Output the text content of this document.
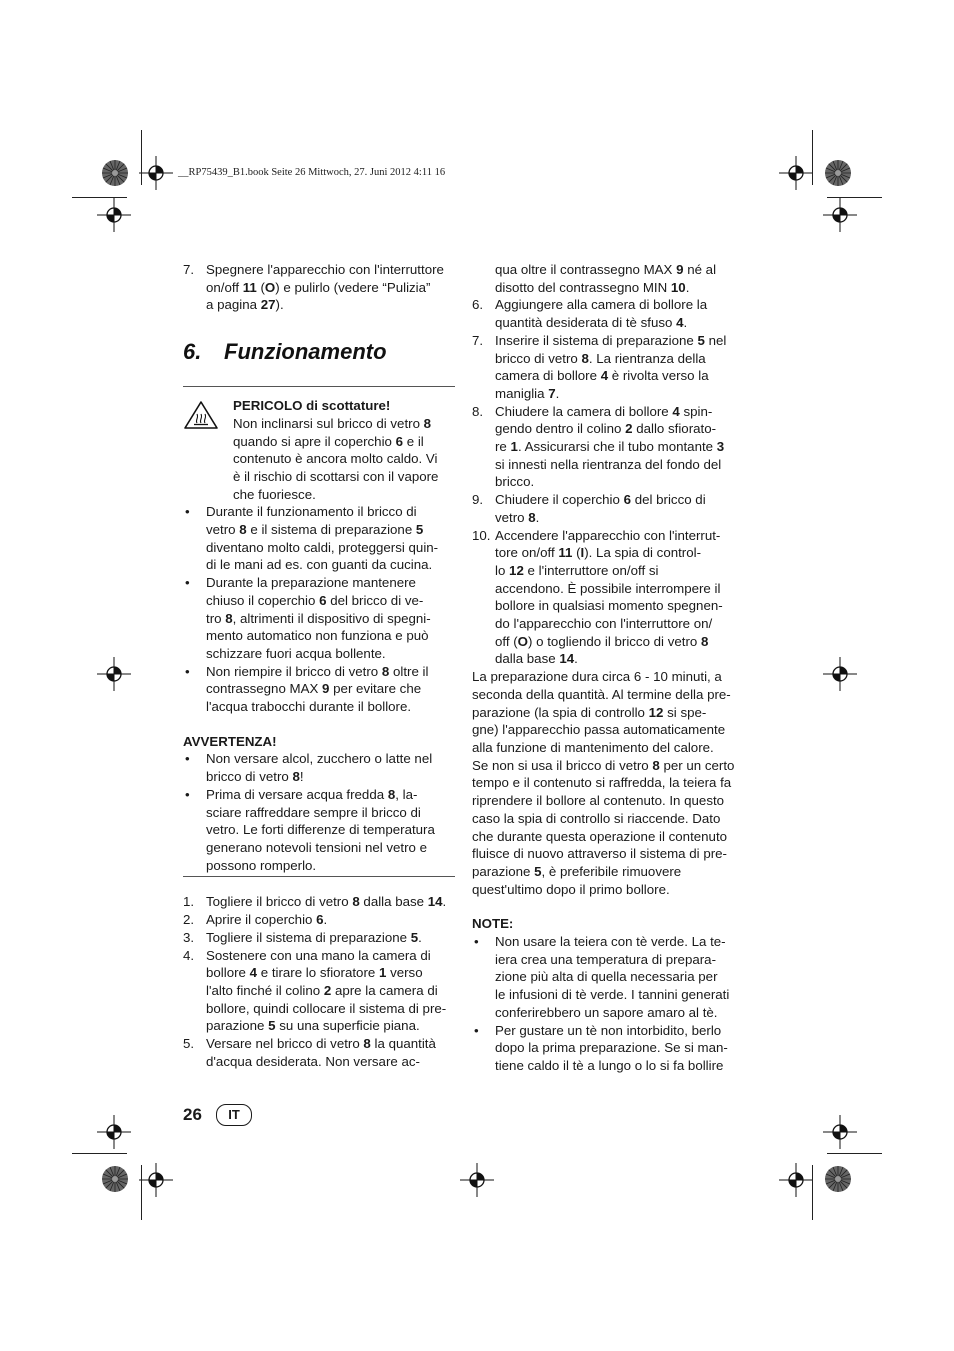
__RP75439_B1.book Seite 26 Mittwoch, 27. Juni 2012 4:11 16
7. Spegnere l'apparecchio con l'interruttore
on/off 11 (O) e pulirlo (vedere “Pulizia”
a pagina 27).
6. Funzionamento
PERICOLO di scottature!
Non inclinarsi sul bricco di vetro 8
quando si apre il coperchio 6 e il
contenuto è ancora molto caldo. Vi
è il rischio di scottarsi con il vapore
che fuoriesce.
•	Durante il funzionamento il bricco di
vetro 8 e il sistema di preparazione 5
diventano molto caldi, proteggersi quin-
di le mani ad es. con guanti da cucina.
•	Durante la preparazione mantenere
chiuso il coperchio 6 del bricco di ve-
tro 8, altrimenti il dispositivo di spegni-
mento automatico non funziona e può
schizzare fuori acqua bollente.
•	Non riempire il bricco di vetro 8 oltre il
contrassegno MAX 9 per evitare che
l'acqua trabocchi durante il bollore.
AVVERTENZA!
•	Non versare alcol, zucchero o latte nel
bricco di vetro 8!
•	Prima di versare acqua fredda 8, la-
sciare raffreddare sempre il bricco di
vetro. Le forti differenze di temperatura
generano notevoli tensioni nel vetro e
possono romperlo.
1. Togliere il bricco di vetro 8 dalla base 14.
2. Aprire il coperchio 6.
3. Togliere il sistema di preparazione 5.
4. Sostenere con una mano la camera di
bollore 4 e tirare lo sfioratore 1 verso
l'alto finché il colino 2 apre la camera di
bollore, quindi collocare il sistema di pre-
parazione 5 su una superficie piana.
5. Versare nel bricco di vetro 8 la quantità
d'acqua desiderata. Non versare ac-
qua oltre il contrassegno MAX 9 né al
disotto del contrassegno MIN 10.
6. Aggiungere alla camera di bollore la
quantità desiderata di tè sfuso 4.
7. Inserire il sistema di preparazione 5 nel
bricco di vetro 8. La rientranza della
camera di bollore 4 è rivolta verso la
maniglia 7.
8. Chiudere la camera di bollore 4 spin-
gendo dentro il colino 2 dallo sfiorato-
re 1. Assicurarsi che il tubo montante 3
si innesti nella rientranza del fondo del
bricco.
9. Chiudere il coperchio 6 del bricco di
vetro 8.
10. Accendere l'apparecchio con l'interrut-
tore on/off 11 (I). La spia di control-
lo 12 e l'interruttore on/off si
accendono. È possibile interrompere il
bollore in qualsiasi momento spegnen-
do l'apparecchio con l'interruttore on/
off (O) o togliendo il bricco di vetro 8
dalla base 14.
La preparazione dura circa 6 - 10 minuti, a
seconda della quantità. Al termine della pre-
parazione (la spia di controllo 12 si spe-
gne) l'apparecchio passa automaticamente
alla funzione di mantenimento del calore.
Se non si usa il bricco di vetro 8 per un certo
tempo e il contenuto si raffredda, la teiera fa
riprendere il bollore al contenuto. In questo
caso la spia di controllo si riaccende. Dato
che durante questa operazione il contenuto
fluisce di nuovo attraverso il sistema di pre-
parazione 5, è preferibile rimuovere
quest'ultimo dopo il primo bollore.
NOTE:
•	Non usare la teiera con tè verde. La te-
iera crea una temperatura di prepara-
zione più alta di quella necessaria per
le infusioni di tè verde. I tannini generati
conferirebbero un sapore amaro al tè.
•	Per gustare un tè non intorbidito, berlo
dopo la prima preparazione. Se si man-
tiene caldo il tè a lungo o lo si fa bollire
26	IT
